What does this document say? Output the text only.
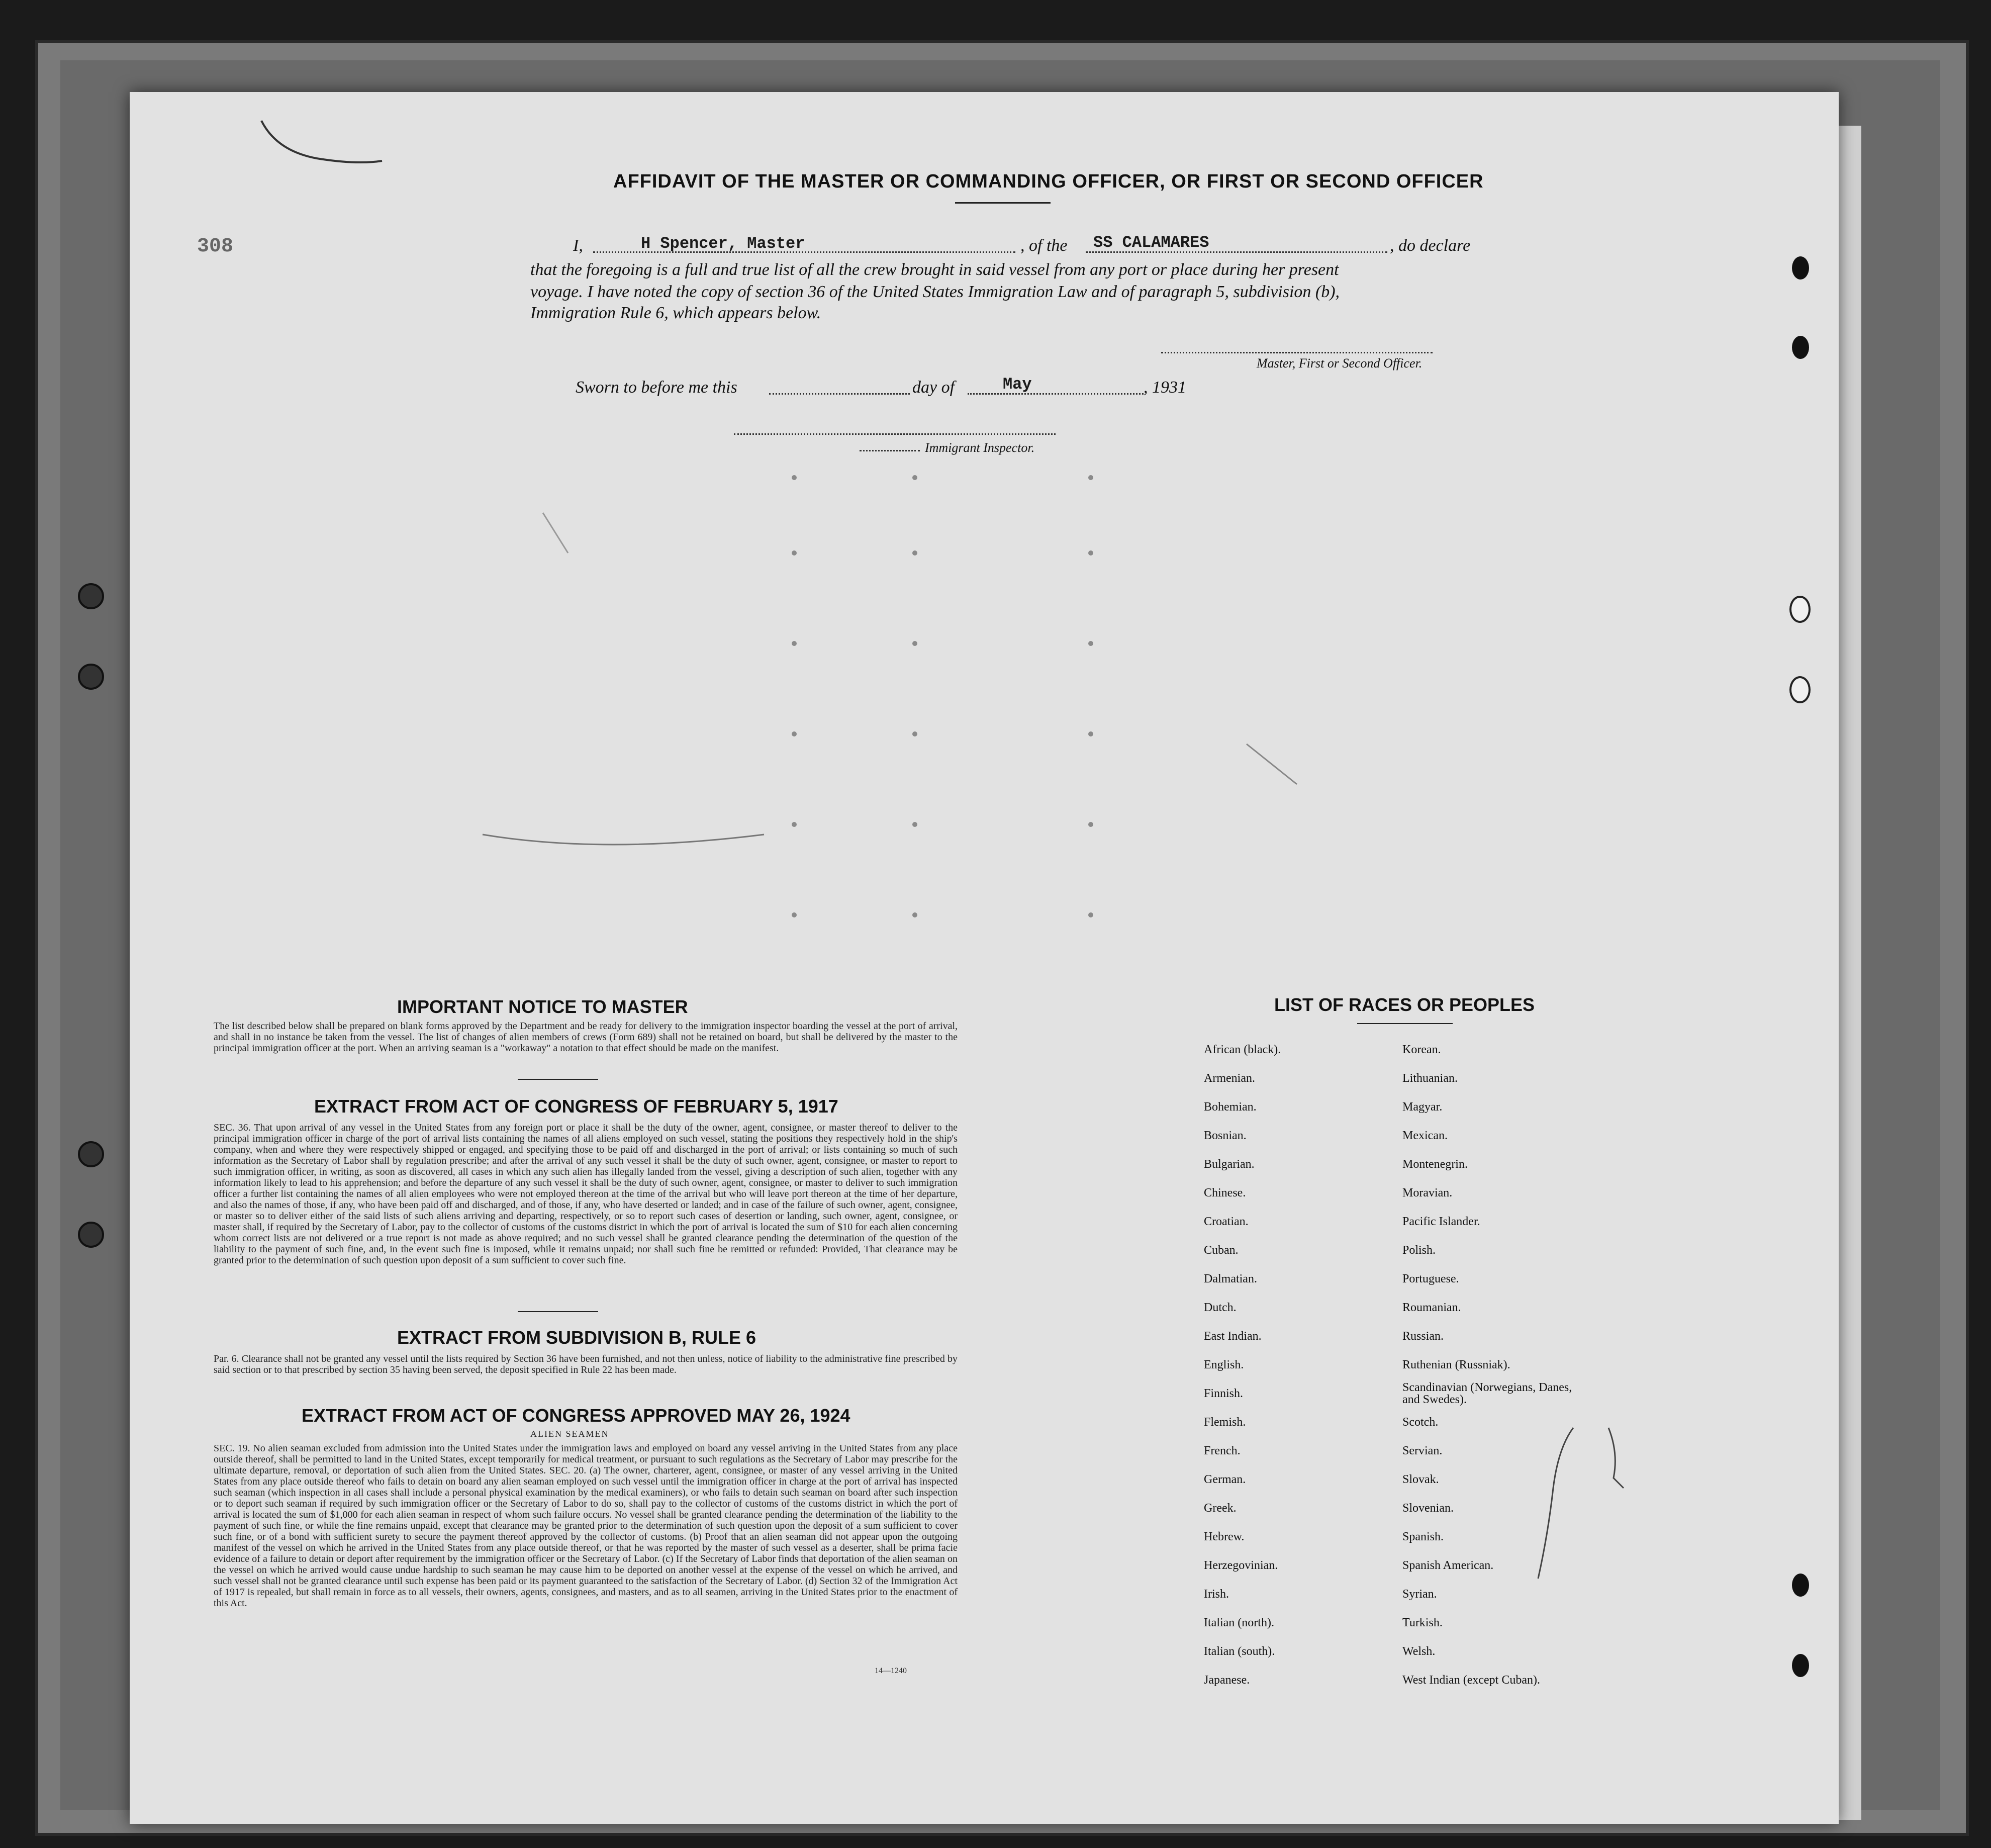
308
AFFIDAVIT OF THE MASTER OR COMMANDING OFFICER, OR FIRST OR SECOND OFFICER
I,	H Spencer, Master	, of the SS CALAMARES	, do declare
that the foregoing is a full and true list of all the crew brought in said vessel from any port or place during her present
voyage. I have noted the copy of section 36 of the United States Immigration Law and of paragraph 5, subdivision (b),
Immigration Rule 6, which appears below.
Master, First or Second Officer.
Sworn to before me this	day of	May	, 1931
Immigrant Inspector.
IMPORTANT NOTICE TO MASTER
The list described below shall be prepared on blank forms approved by the Department and be ready for delivery to the immigration inspector boarding the vessel at the port of arrival, and shall in no instance be taken from the vessel. The list of changes of alien members of crews (Form 689) shall not be retained on board, but shall be delivered by the master to the principal immigration officer at the port. When an arriving seaman is a "workaway" a notation to that effect should be made on the manifest.
EXTRACT FROM ACT OF CONGRESS OF FEBRUARY 5, 1917
SEC. 36. That upon arrival of any vessel in the United States from any foreign port or place it shall be the duty of the owner, agent, consignee, or master thereof to deliver to the principal immigration officer in charge of the port of arrival lists containing the names of all aliens employed on such vessel, stating the positions they respectively hold in the ship's company, when and where they were respectively shipped or engaged, and specifying those to be paid off and discharged in the port of arrival; or lists containing so much of such information as the Secretary of Labor shall by regulation prescribe; and after the arrival of any such vessel it shall be the duty of such owner, agent, consignee, or master to report to such immigration officer, in writing, as soon as discovered, all cases in which any such alien has illegally landed from the vessel, giving a description of such alien, together with any information likely to lead to his apprehension; and before the departure of any such vessel it shall be the duty of such owner, agent, consignee, or master to deliver to such immigration officer a further list containing the names of all alien employees who were not employed thereon at the time of the arrival but who will leave port thereon at the time of her departure, and also the names of those, if any, who have been paid off and discharged, and of those, if any, who have deserted or landed; and in case of the failure of such owner, agent, consignee, or master so to deliver either of the said lists of such aliens arriving and departing, respectively, or so to report such cases of desertion or landing, such owner, agent, consignee, or master shall, if required by the Secretary of Labor, pay to the collector of customs of the customs district in which the port of arrival is located the sum of $10 for each alien concerning whom correct lists are not delivered or a true report is not made as above required; and no such vessel shall be granted clearance pending the determination of the question of the liability to the payment of such fine, and, in the event such fine is imposed, while it remains unpaid; nor shall such fine be remitted or refunded: Provided, That clearance may be granted prior to the determination of such question upon deposit of a sum sufficient to cover such fine.
EXTRACT FROM SUBDIVISION B, RULE 6
Par. 6. Clearance shall not be granted any vessel until the lists required by Section 36 have been furnished, and not then unless, notice of liability to the administrative fine prescribed by said section or to that prescribed by section 35 having been served, the deposit specified in Rule 22 has been made.
EXTRACT FROM ACT OF CONGRESS APPROVED MAY 26, 1924
ALIEN SEAMEN
SEC. 19. No alien seaman excluded from admission into the United States under the immigration laws and employed on board any vessel arriving in the United States from any place outside thereof, shall be permitted to land in the United States, except temporarily for medical treatment, or pursuant to such regulations as the Secretary of Labor may prescribe for the ultimate departure, removal, or deportation of such alien from the United States. SEC. 20. (a) The owner, charterer, agent, consignee, or master of any vessel arriving in the United States from any place outside thereof who fails to detain on board any alien seaman employed on such vessel until the immigration officer in charge at the port of arrival has inspected such seaman (which inspection in all cases shall include a personal physical examination by the medical examiners), or who fails to detain such seaman on board after such inspection or to deport such seaman if required by such immigration officer or the Secretary of Labor to do so, shall pay to the collector of customs of the customs district in which the port of arrival is located the sum of $1,000 for each alien seaman in respect of whom such failure occurs. No vessel shall be granted clearance pending the determination of the liability to the payment of such fine, or while the fine remains unpaid, except that clearance may be granted prior to the determination of such question upon the deposit of a sum sufficient to cover such fine, or of a bond with sufficient surety to secure the payment thereof approved by the collector of customs. (b) Proof that an alien seaman did not appear upon the outgoing manifest of the vessel on which he arrived in the United States from any place outside thereof, or that he was reported by the master of such vessel as a deserter, shall be prima facie evidence of a failure to detain or deport after requirement by the immigration officer or the Secretary of Labor. (c) If the Secretary of Labor finds that deportation of the alien seaman on the vessel on which he arrived would cause undue hardship to such seaman he may cause him to be deported on another vessel at the expense of the vessel on which he arrived, and such vessel shall not be granted clearance until such expense has been paid or its payment guaranteed to the satisfaction of the Secretary of Labor. (d) Section 32 of the Immigration Act of 1917 is repealed, but shall remain in force as to all vessels, their owners, agents, consignees, and masters, and as to all seamen, arriving in the United States prior to the enactment of this Act.
14—1240
LIST OF RACES OR PEOPLES
African (black).
Armenian.
Bohemian.
Bosnian.
Bulgarian.
Chinese.
Croatian.
Cuban.
Dalmatian.
Dutch.
East Indian.
English.
Finnish.
Flemish.
French.
German.
Greek.
Hebrew.
Herzegovinian.
Irish.
Italian (north).
Italian (south).
Japanese.
Korean.
Lithuanian.
Magyar.
Mexican.
Montenegrin.
Moravian.
Pacific Islander.
Polish.
Portuguese.
Roumanian.
Russian.
Ruthenian (Russniak).
Scandinavian (Norwegians, Danes, and Swedes).
Scotch.
Servian.
Slovak.
Slovenian.
Spanish.
Spanish American.
Syrian.
Turkish.
Welsh.
West Indian (except Cuban).
